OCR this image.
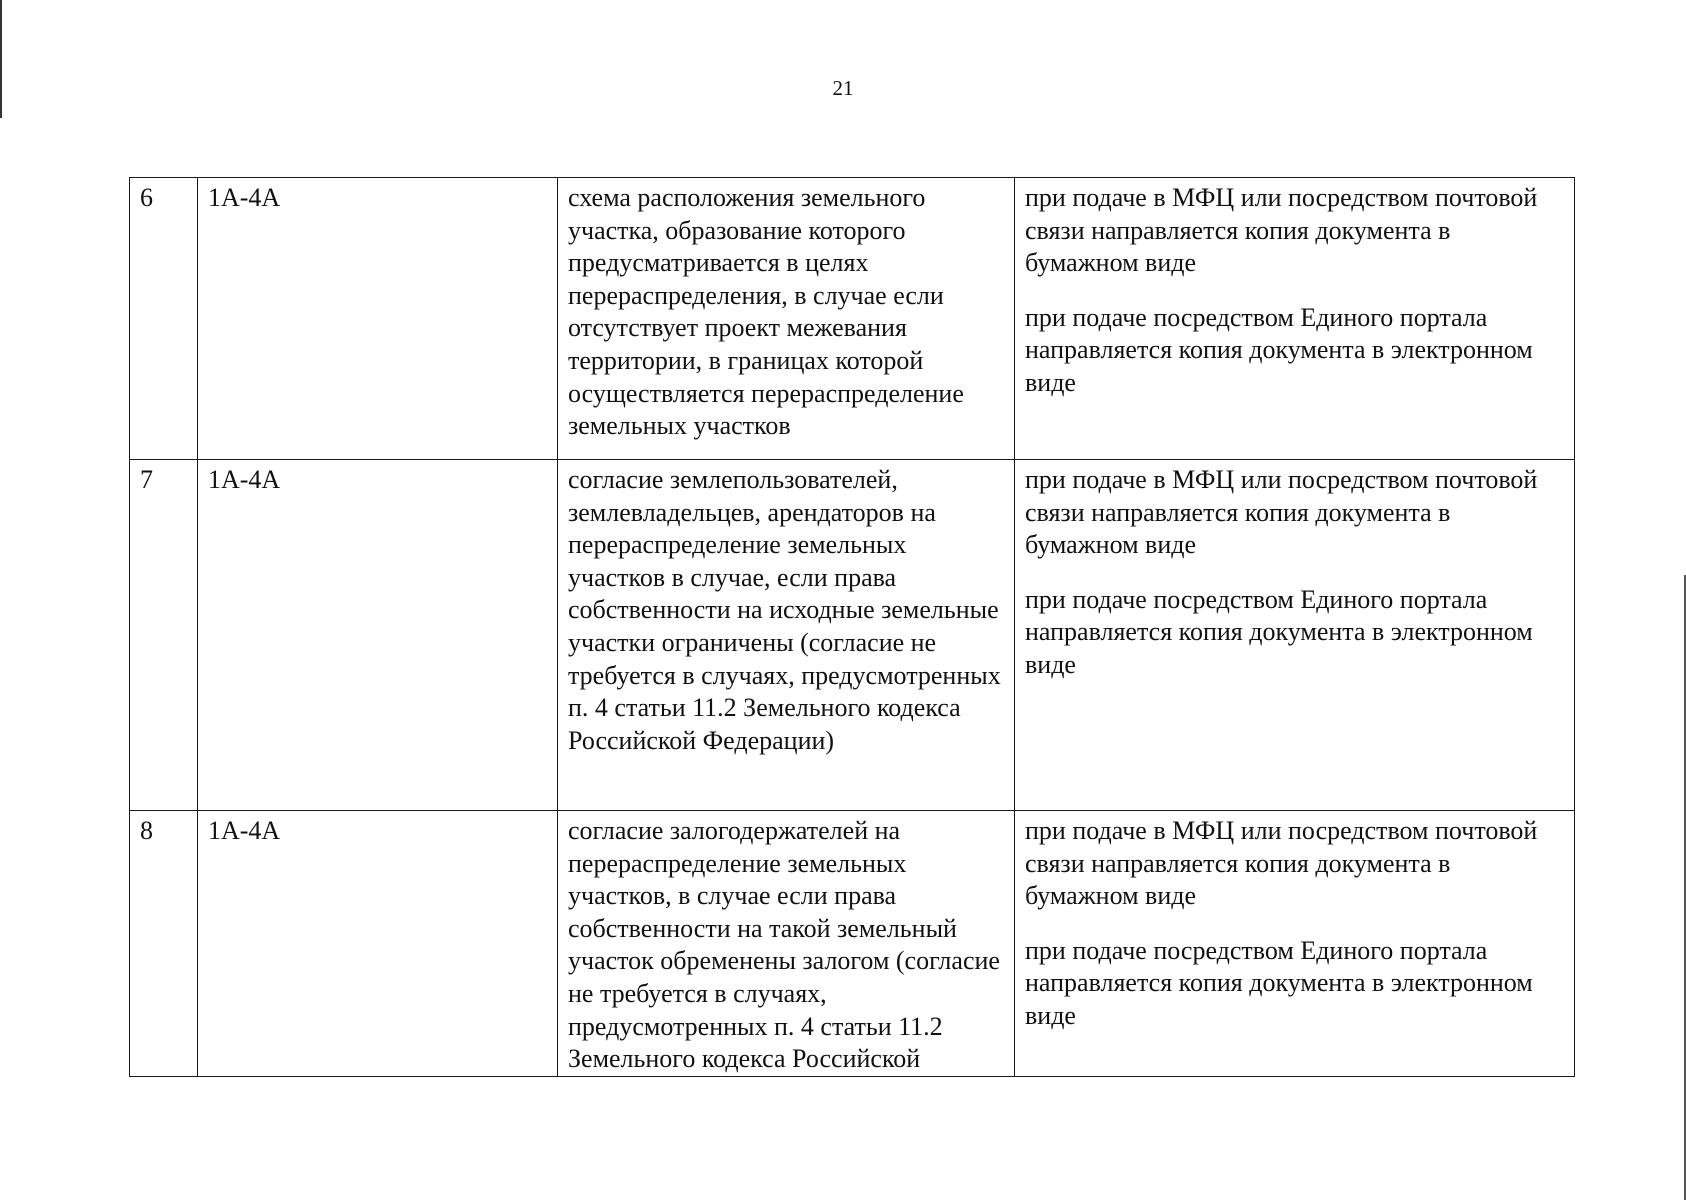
21
6	1А-4А	схема расположения земельного участка, образование которого предусматривается в целях перераспределения, в случае если отсутствует проект межевания территории, в границах которой осуществляется перераспределение земельных участков	при подаче в МФЦ или посредством почтовой связи направляется копия документа в бумажном виде

при подаче посредством Единого портала направляется копия документа в электронном виде

7	1А-4А	согласие землепользователей, землевладельцев, арендаторов на перераспределение земельных участков в случае, если права собственности на исходные земельные участки ограничены (согласие не требуется в случаях, предусмотренных п. 4 статьи 11.2 Земельного кодекса Российской Федерации)	при подаче в МФЦ или посредством почтовой связи направляется копия документа в бумажном виде

при подаче посредством Единого портала направляется копия документа в электронном виде

8	1А-4А	согласие залогодержателей на перераспределение земельных участков, в случае если права собственности на такой земельный участок обременены залогом (согласие не требуется в случаях, предусмотренных п. 4 статьи 11.2 Земельного кодекса Российской	при подаче в МФЦ или посредством почтовой связи направляется копия документа в бумажном виде

при подаче посредством Единого портала направляется копия документа в электронном виде
